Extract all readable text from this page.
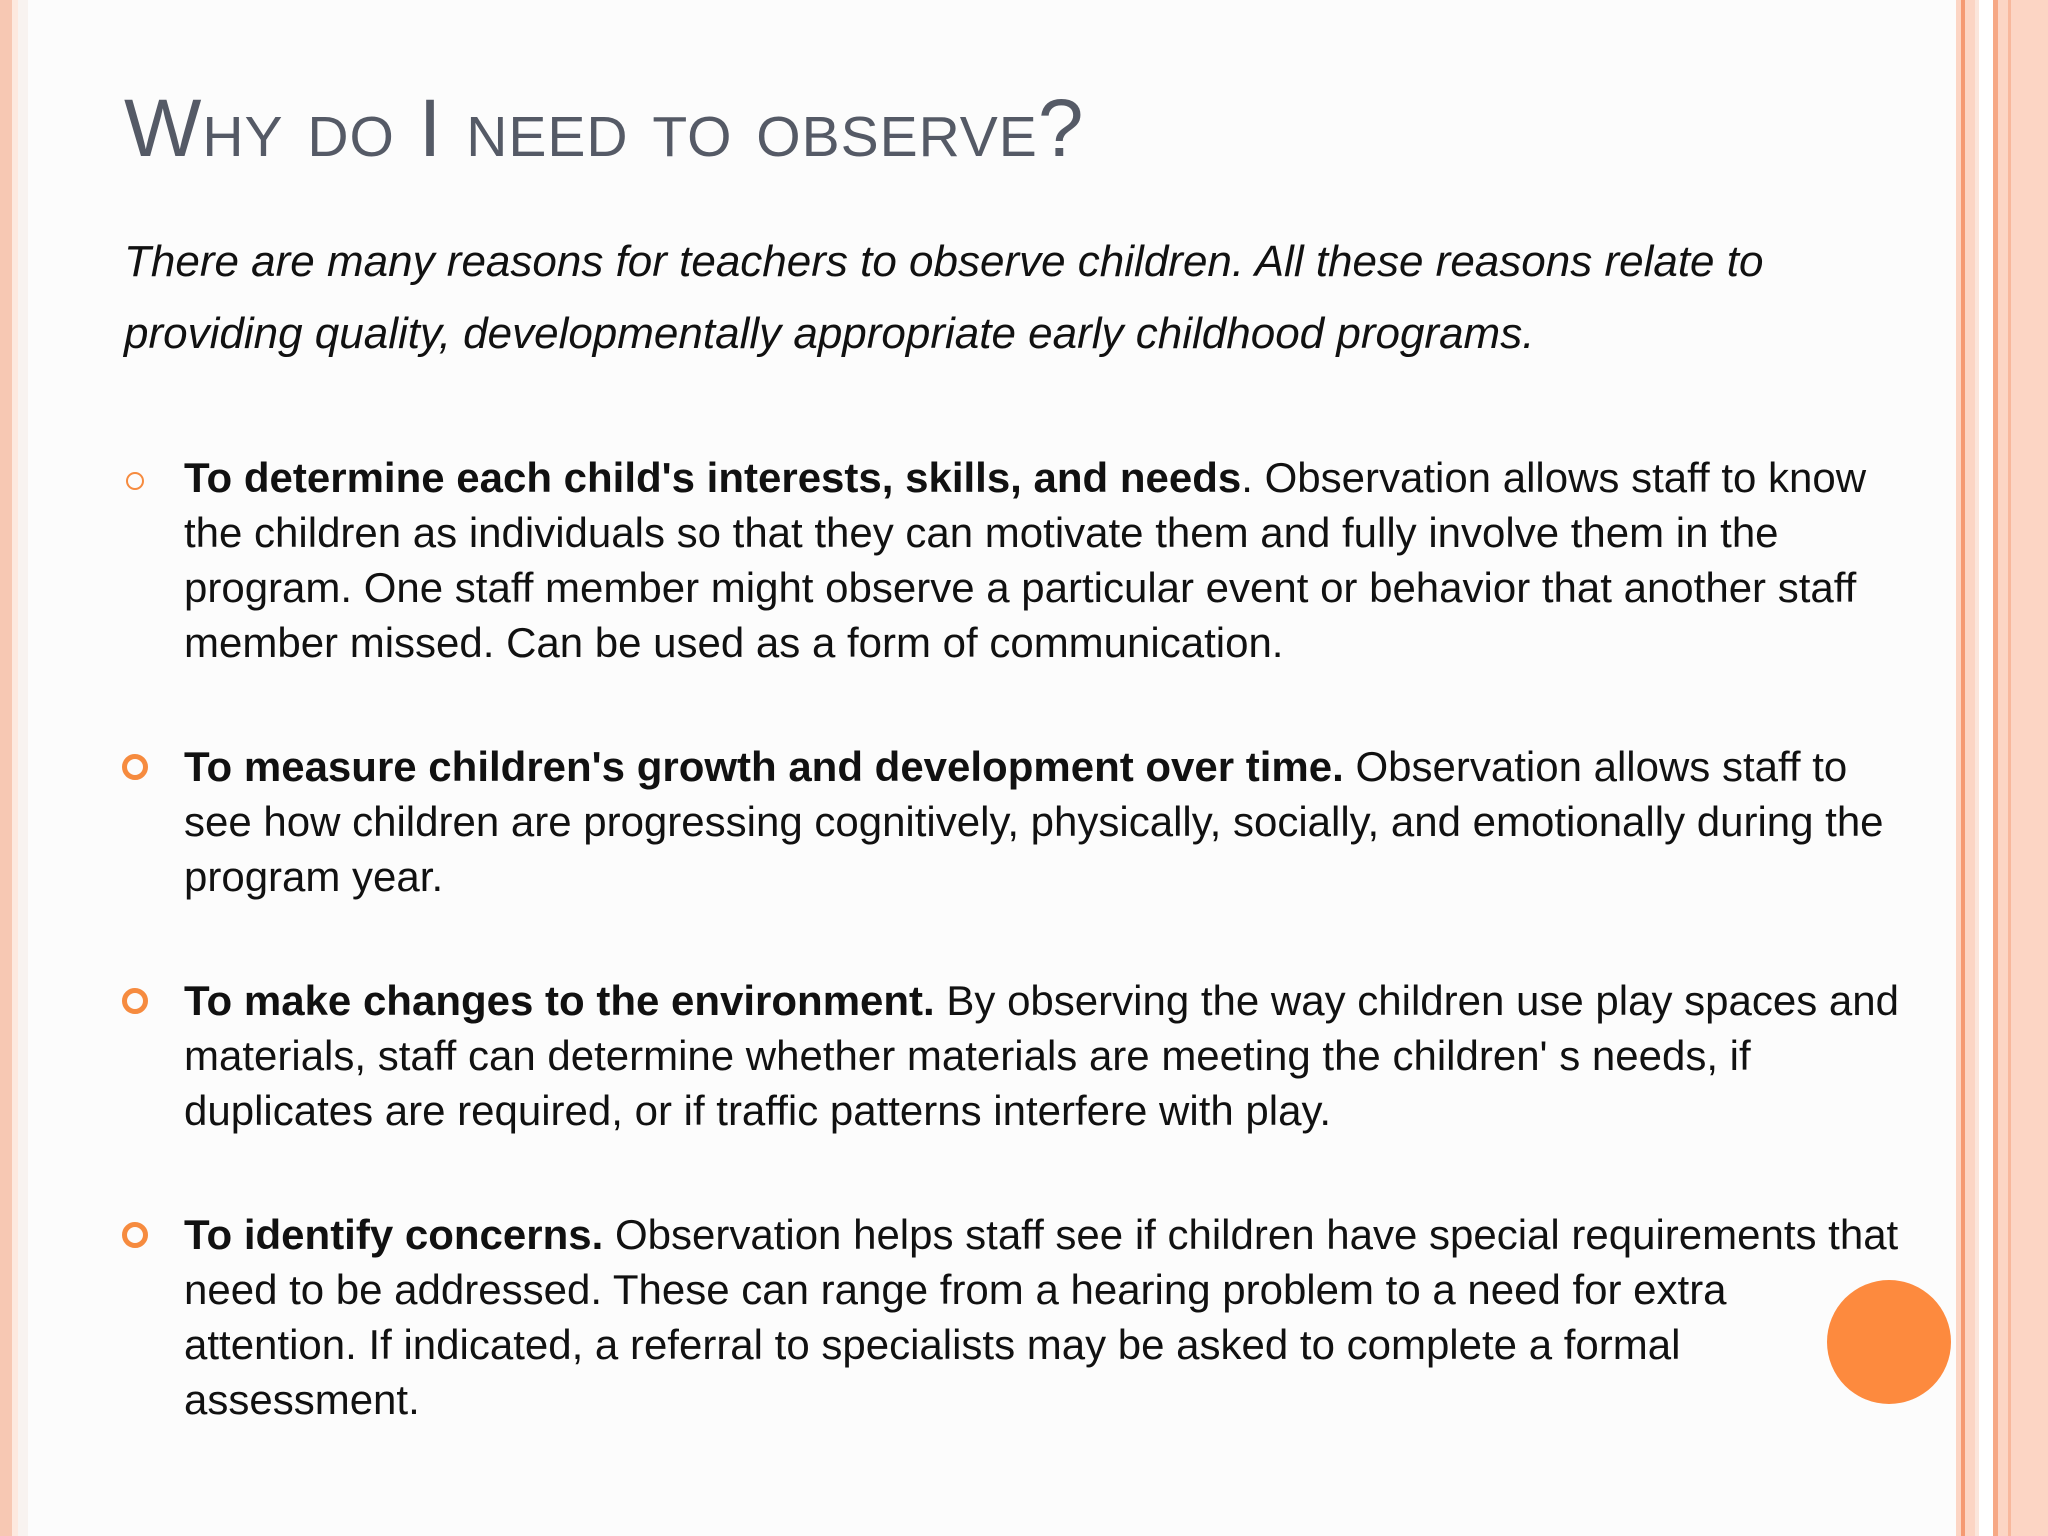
Why do I need to observe?

There are many reasons for teachers to observe children. All these reasons relate to providing quality, developmentally appropriate early childhood programs.

To determine each child's interests, skills, and needs. Observation allows staff to know the children as individuals so that they can motivate them and fully involve them in the program. One staff member might observe a particular event or behavior that another staff member missed. Can be used as a form of communication.
To measure children's growth and development over time. Observation allows staff to see how children are progressing cognitively, physically, socially, and emotionally during the program year.
To make changes to the environment. By observing the way children use play spaces and materials, staff can determine whether materials are meeting the children' s needs, if duplicates are required, or if traffic patterns interfere with play.
To identify concerns. Observation helps staff see if children have special requirements that need to be addressed. These can range from a hearing problem to a need for extra attention. If indicated, a referral to specialists may be asked to complete a formal assessment.
